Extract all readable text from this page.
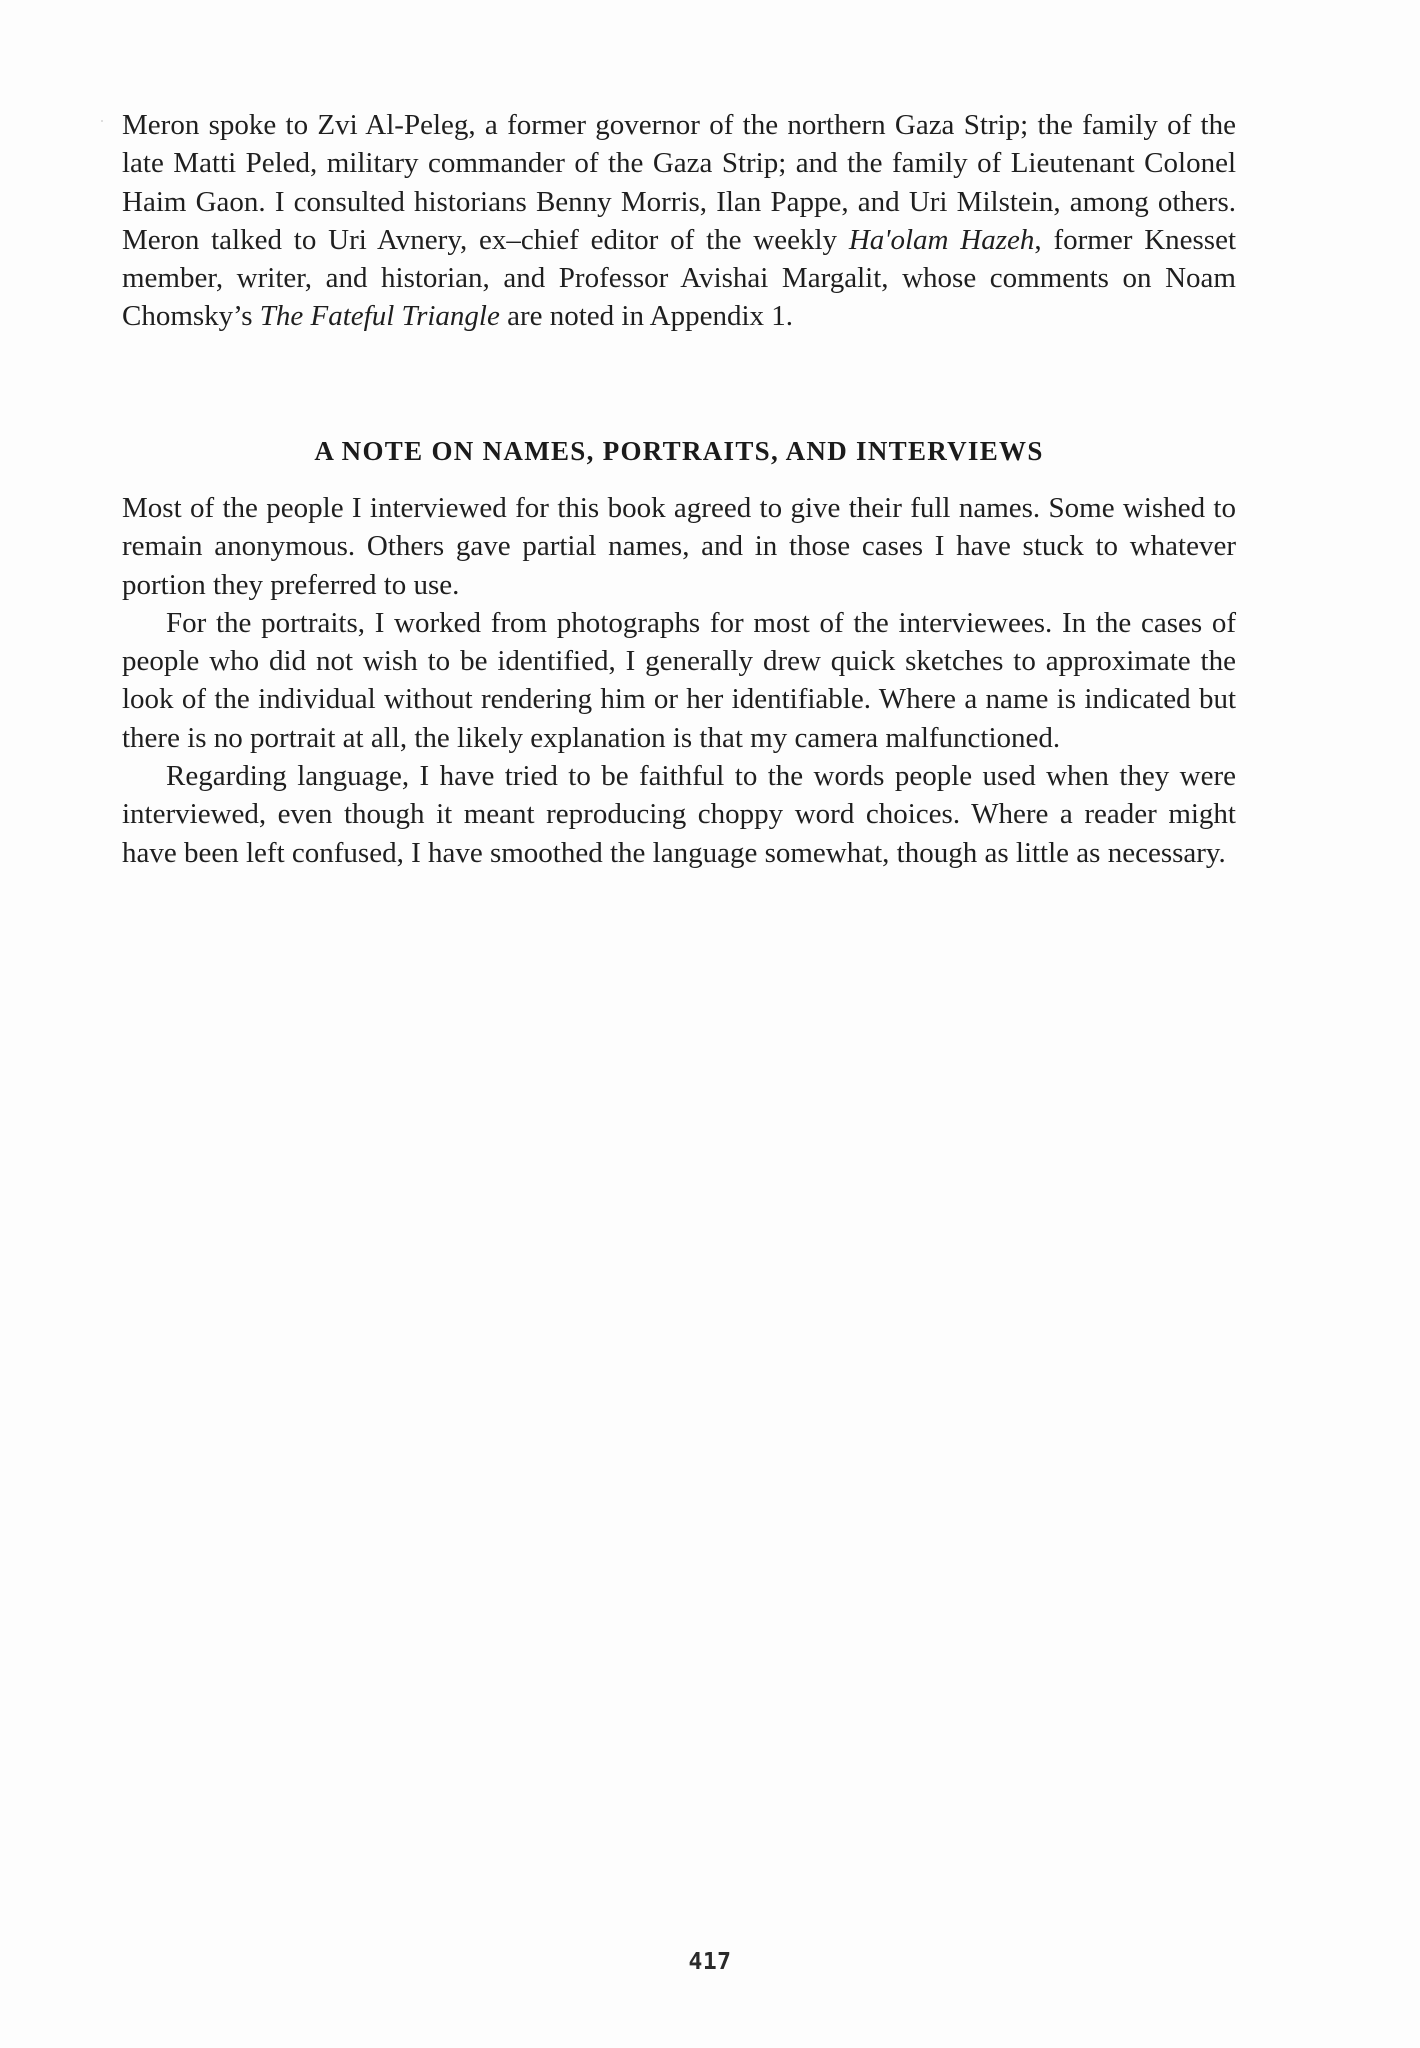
Meron spoke to Zvi Al-Peleg, a former governor of the northern Gaza Strip; the family of the late Matti Peled, military commander of the Gaza Strip; and the family of Lieutenant Colonel Haim Gaon. I consulted historians Benny Morris, Ilan Pappe, and Uri Milstein, among others. Meron talked to Uri Avnery, ex–chief editor of the weekly Ha'olam Hazeh, former Knesset member, writer, and historian, and Professor Avishai Margalit, whose comments on Noam Chomsky’s The Fateful Triangle are noted in Appendix 1.

A NOTE ON NAMES, PORTRAITS, AND INTERVIEWS

Most of the people I interviewed for this book agreed to give their full names. Some wished to remain anonymous. Others gave partial names, and in those cases I have stuck to whatever portion they preferred to use.

For the portraits, I worked from photographs for most of the interviewees. In the cases of people who did not wish to be identified, I generally drew quick sketches to approximate the look of the individual without rendering him or her identifiable. Where a name is indicated but there is no portrait at all, the likely explanation is that my camera malfunctioned.

Regarding language, I have tried to be faithful to the words people used when they were interviewed, even though it meant reproducing choppy word choices. Where a reader might have been left confused, I have smoothed the language somewhat, though as little as necessary.

417
